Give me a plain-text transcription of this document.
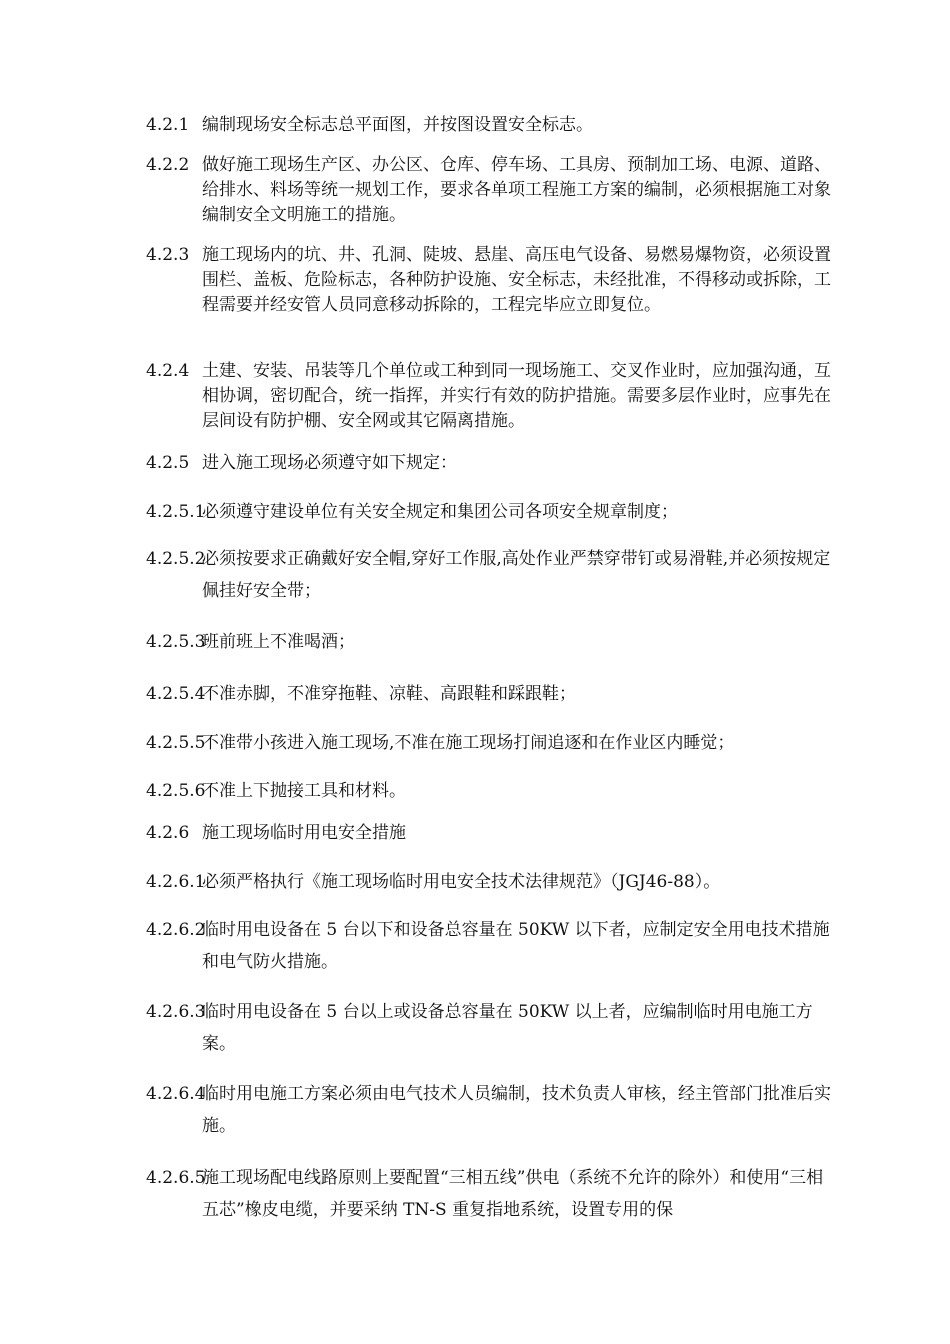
4.2.1 编制现场安全标志总平面图，并按图设置安全标志。
4.2.2 做好施工现场生产区、办公区、仓库、停车场、工具房、预制加工场、电源、道路、给排水、料场等统一规划工作，要求各单项工程施工方案的编制，必须根据施工对象编制安全文明施工的措施。
4.2.3 施工现场内的坑、井、孔洞、陡坡、悬崖、高压电气设备、易燃易爆物资，必须设置围栏、盖板、危险标志，各种防护设施、安全标志，未经批准，不得移动或拆除，工程需要并经安管人员同意移动拆除的，工程完毕应立即复位。
4.2.4 土建、安装、吊装等几个单位或工种到同一现场施工、交叉作业时，应加强沟通，互相协调，密切配合，统一指挥，并实行有效的防护措施。需要多层作业时，应事先在层间设有防护棚、安全网或其它隔离措施。
4.2.5 进入施工现场必须遵守如下规定：
4.2.5.1
必须遵守建设单位有关安全规定和集团公司各项安全规章制度；
4.2.5.2
必须按要求正确戴好安全帽,穿好工作服,高处作业严禁穿带钉或易滑鞋,并必须按规定佩挂好安全带；
4.2.5.3
班前班上不准喝酒；
4.2.5.4
不准赤脚，不准穿拖鞋、凉鞋、高跟鞋和踩跟鞋；
4.2.5.5
不准带小孩进入施工现场,不准在施工现场打闹追逐和在作业区内睡觉；
4.2.5.6
不准上下抛接工具和材料。
4.2.6 施工现场临时用电安全措施
4.2.6.1
必须严格执行《施工现场临时用电安全技术法律规范》（JGJ46-88）。
4.2.6.2
临时用电设备在 5 台以下和设备总容量在 50KW 以下者，应制定安全用电技术措施和电气防火措施。
4.2.6.3
临时用电设备在 5 台以上或设备总容量在 50KW 以上者，应编制临时用电施工方案。
4.2.6.4
临时用电施工方案必须由电气技术人员编制，技术负责人审核，经主管部门批准后实施。
4.2.6.5
施工现场配电线路原则上要配置“三相五线”供电（系统不允许的除外）和使用“三相五芯”橡皮电缆，并要采纳 TN-S 重复指地系统，设置专用的保
